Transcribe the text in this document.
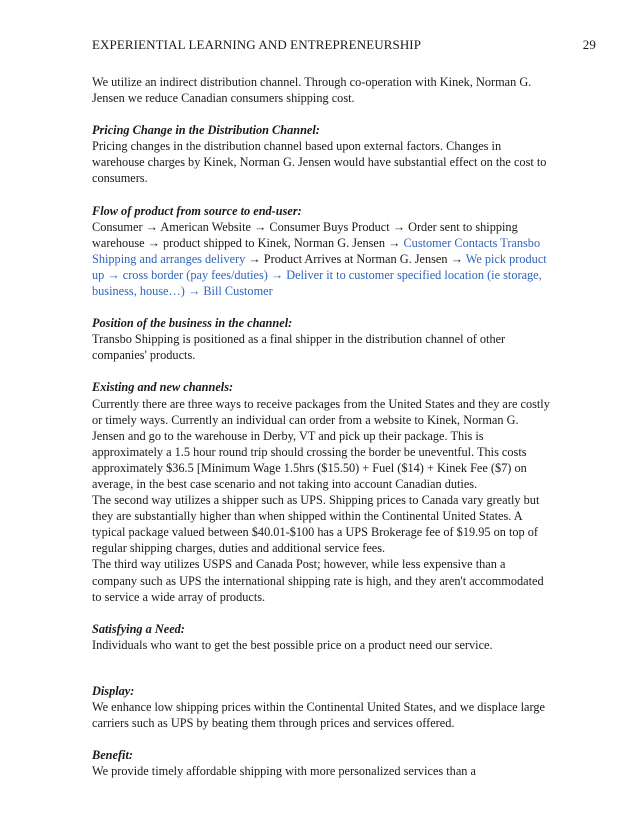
EXPERIENTIAL LEARNING AND ENTREPRENEURSHIP	29

We utilize an indirect distribution channel. Through co-operation with Kinek, Norman G. Jensen we reduce Canadian consumers shipping cost.

Pricing Change in the Distribution Channel:

Pricing changes in the distribution channel based upon external factors. Changes in warehouse charges by Kinek, Norman G. Jensen would have substantial effect on the cost to consumers.

Flow of product from source to end-user:

Consumer → American Website → Consumer Buys Product → Order sent to shipping warehouse → product shipped to Kinek, Norman G. Jensen → Customer Contacts Transbo Shipping and arranges delivery → Product Arrives at Norman G. Jensen → We pick product up → cross border (pay fees/duties) → Deliver it to customer specified location (ie storage, business, house…) → Bill Customer

Position of the business in the channel:

Transbo Shipping is positioned as a final shipper in the distribution channel of other companies' products.

Existing and new channels:

Currently there are three ways to receive packages from the United States and they are costly or timely ways. Currently an individual can order from a website to Kinek, Norman G. Jensen and go to the warehouse in Derby, VT and pick up their package. This is approximately a 1.5 hour round trip should crossing the border be uneventful. This costs approximately $36.5 [Minimum Wage 1.5hrs ($15.50) + Fuel ($14) + Kinek Fee ($7) on average, in the best case scenario and not taking into account Canadian duties.

The second way utilizes a shipper such as UPS. Shipping prices to Canada vary greatly but they are substantially higher than when shipped within the Continental United States. A typical package valued between $40.01-$100 has a UPS Brokerage fee of $19.95 on top of regular shipping charges, duties and additional service fees.

The third way utilizes USPS and Canada Post; however, while less expensive than a company such as UPS the international shipping rate is high, and they aren't accommodated to service a wide array of products.

Satisfying a Need:

Individuals who want to get the best possible price on a product need our service.

Display:

We enhance low shipping prices within the Continental United States, and we displace large carriers such as UPS by beating them through prices and services offered.

Benefit:

We provide timely affordable shipping with more personalized services than a
